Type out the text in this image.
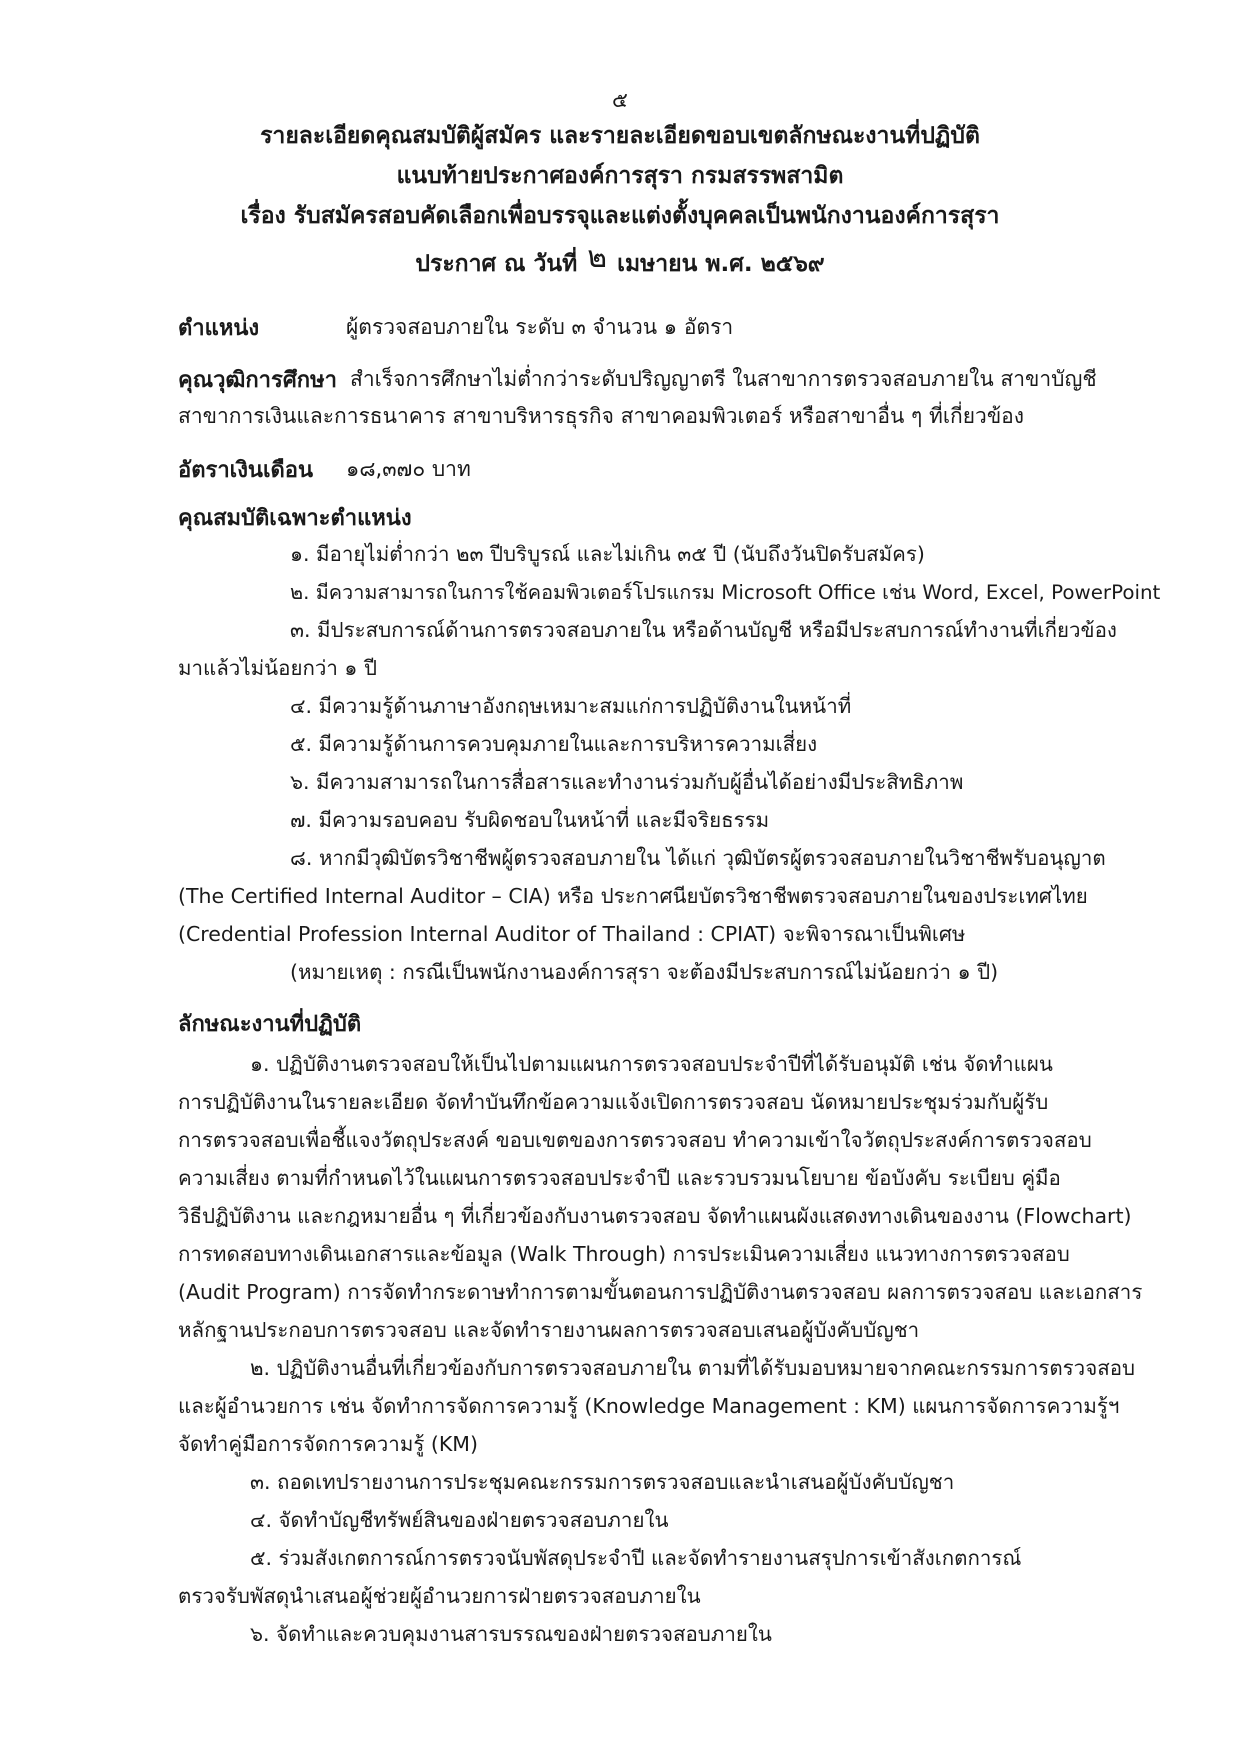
๕
รายละเอียดคุณสมบัติผู้สมัคร และรายละเอียดขอบเขตลักษณะงานที่ปฏิบัติ
แนบท้ายประกาศองค์การสุรา กรมสรรพสามิต
เรื่อง รับสมัครสอบคัดเลือกเพื่อบรรจุและแต่งตั้งบุคคลเป็นพนักงานองค์การสุรา
ประกาศ ณ วันที่ ๒ เมษายน พ.ศ. ๒๕๖๙
ตำแหน่ง	ผู้ตรวจสอบภายใน ระดับ ๓ จำนวน ๑ อัตรา
คุณวุฒิการศึกษา สำเร็จการศึกษาไม่ต่ำกว่าระดับปริญญาตรี ในสาขาการตรวจสอบภายใน สาขาบัญชี
สาขาการเงินและการธนาคาร สาขาบริหารธุรกิจ สาขาคอมพิวเตอร์ หรือสาขาอื่น ๆ ที่เกี่ยวข้อง
อัตราเงินเดือน ๑๘,๓๗๐ บาท
คุณสมบัติเฉพาะตำแหน่ง
๑. มีอายุไม่ต่ำกว่า ๒๓ ปีบริบูรณ์ และไม่เกิน ๓๕ ปี (นับถึงวันปิดรับสมัคร)
๒. มีความสามารถในการใช้คอมพิวเตอร์โปรแกรม Microsoft Office เช่น Word, Excel, PowerPoint
๓. มีประสบการณ์ด้านการตรวจสอบภายใน หรือด้านบัญชี หรือมีประสบการณ์ทำงานที่เกี่ยวข้อง
มาแล้วไม่น้อยกว่า ๑ ปี
๔. มีความรู้ด้านภาษาอังกฤษเหมาะสมแก่การปฏิบัติงานในหน้าที่
๕. มีความรู้ด้านการควบคุมภายในและการบริหารความเสี่ยง
๖. มีความสามารถในการสื่อสารและทำงานร่วมกับผู้อื่นได้อย่างมีประสิทธิภาพ
๗. มีความรอบคอบ รับผิดชอบในหน้าที่ และมีจริยธรรม
๘. หากมีวุฒิบัตรวิชาชีพผู้ตรวจสอบภายใน ได้แก่ วุฒิบัตรผู้ตรวจสอบภายในวิชาชีพรับอนุญาต
(The Certified Internal Auditor – CIA) หรือ ประกาศนียบัตรวิชาชีพตรวจสอบภายในของประเทศไทย
(Credential Profession Internal Auditor of Thailand : CPIAT) จะพิจารณาเป็นพิเศษ
(หมายเหตุ : กรณีเป็นพนักงานองค์การสุรา จะต้องมีประสบการณ์ไม่น้อยกว่า ๑ ปี)
ลักษณะงานที่ปฏิบัติ
๑. ปฏิบัติงานตรวจสอบให้เป็นไปตามแผนการตรวจสอบประจำปีที่ได้รับอนุมัติ เช่น จัดทำแผน
การปฏิบัติงานในรายละเอียด จัดทำบันทึกข้อความแจ้งเปิดการตรวจสอบ นัดหมายประชุมร่วมกับผู้รับ
การตรวจสอบเพื่อชี้แจงวัตถุประสงค์ ขอบเขตของการตรวจสอบ ทำความเข้าใจวัตถุประสงค์การตรวจสอบ
ความเสี่ยง ตามที่กำหนดไว้ในแผนการตรวจสอบประจำปี และรวบรวมนโยบาย ข้อบังคับ ระเบียบ คู่มือ
วิธีปฏิบัติงาน และกฎหมายอื่น ๆ ที่เกี่ยวข้องกับงานตรวจสอบ จัดทำแผนผังแสดงทางเดินของงาน (Flowchart)
การทดสอบทางเดินเอกสารและข้อมูล (Walk Through) การประเมินความเสี่ยง แนวทางการตรวจสอบ
(Audit Program) การจัดทำกระดาษทำการตามขั้นตอนการปฏิบัติงานตรวจสอบ ผลการตรวจสอบ และเอกสาร
หลักฐานประกอบการตรวจสอบ และจัดทำรายงานผลการตรวจสอบเสนอผู้บังคับบัญชา
๒. ปฏิบัติงานอื่นที่เกี่ยวข้องกับการตรวจสอบภายใน ตามที่ได้รับมอบหมายจากคณะกรรมการตรวจสอบ
และผู้อำนวยการ เช่น จัดทำการจัดการความรู้ (Knowledge Management : KM) แผนการจัดการความรู้ฯ
จัดทำคู่มือการจัดการความรู้ (KM)
๓. ถอดเทปรายงานการประชุมคณะกรรมการตรวจสอบและนำเสนอผู้บังคับบัญชา
๔. จัดทำบัญชีทรัพย์สินของฝ่ายตรวจสอบภายใน
๕. ร่วมสังเกตการณ์การตรวจนับพัสดุประจำปี และจัดทำรายงานสรุปการเข้าสังเกตการณ์
ตรวจรับพัสดุนำเสนอผู้ช่วยผู้อำนวยการฝ่ายตรวจสอบภายใน
๖. จัดทำและควบคุมงานสารบรรณของฝ่ายตรวจสอบภายใน
